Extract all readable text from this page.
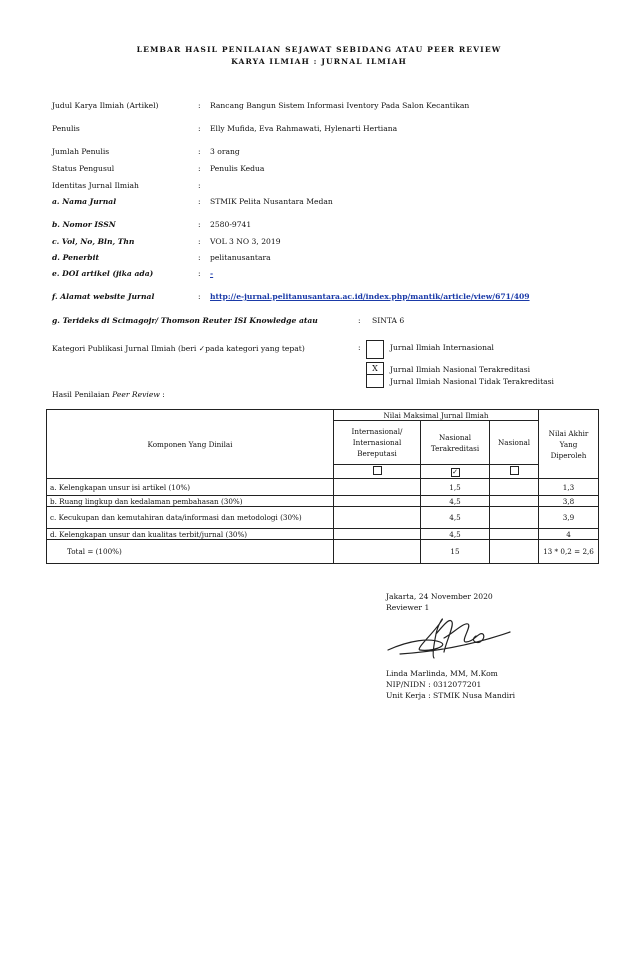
LEMBAR HASIL PENILAIAN SEJAWAT SEBIDANG ATAU PEER REVIEW
KARYA ILMIAH : JURNAL ILMIAH
Judul Karya Ilmiah (Artikel)	: Rancang Bangun Sistem Informasi Iventory Pada Salon Kecantikan
Penulis	: Elly Mufida, Eva Rahmawati, Hylenarti Hertiana
Jumlah Penulis	: 3 orang
Status Pengusul	: Penulis Kedua
Identitas Jurnal Ilmiah	:
a. Nama Jurnal	: STMIK Pelita Nusantara Medan
b. Nomor ISSN	: 2580-9741
c. Vol, No, Bln, Thn	: VOL 3 NO 3, 2019
d. Penerbit	: pelitanusantara
e. DOI artikel (jika ada)	: -
f. Alamat website Jurnal	: http://e-jurnal.pelitanusantara.ac.id/index.php/mantik/article/view/671/409
g. Terideks di Scimagojr/ Thomson Reuter ISI Knowledge atau	: SINTA 6
Kategori Publikasi Jurnal Ilmiah (beri ✓pada kategori yang tepat)	:	Jurnal Ilmiah Internasional
X	Jurnal Ilmiah Nasional Terakreditasi
Jurnal Ilmiah Nasional Tidak Terakreditasi
Hasil Penilaian Peer Review :
Komponen Yang Dinilai	Nilai Maksimal Jurnal Ilmiah			Nilai Akhir Yang Diperoleh
	Internasional/ Internasional Bereputasi	Nasional Terakreditasi	Nasional	
		✓		
a. Kelengkapan unsur isi artikel (10%)		1,5		1,3
b. Ruang lingkup dan kedalaman pembahasan (30%)		4,5		3,8
c. Kecukupan dan kemutahiran data/informasi dan metodologi (30%)		4,5		3,9
d. Kelengkapan unsur dan kualitas terbit/jurnal (30%)		4,5		4
Total = (100%)		15		13 * 0,2 = 2,6
Jakarta, 24 November 2020
Reviewer 1
Linda Marlinda, MM, M.Kom
NIP/NIDN : 0312077201
Unit Kerja : STMIK Nusa Mandiri
